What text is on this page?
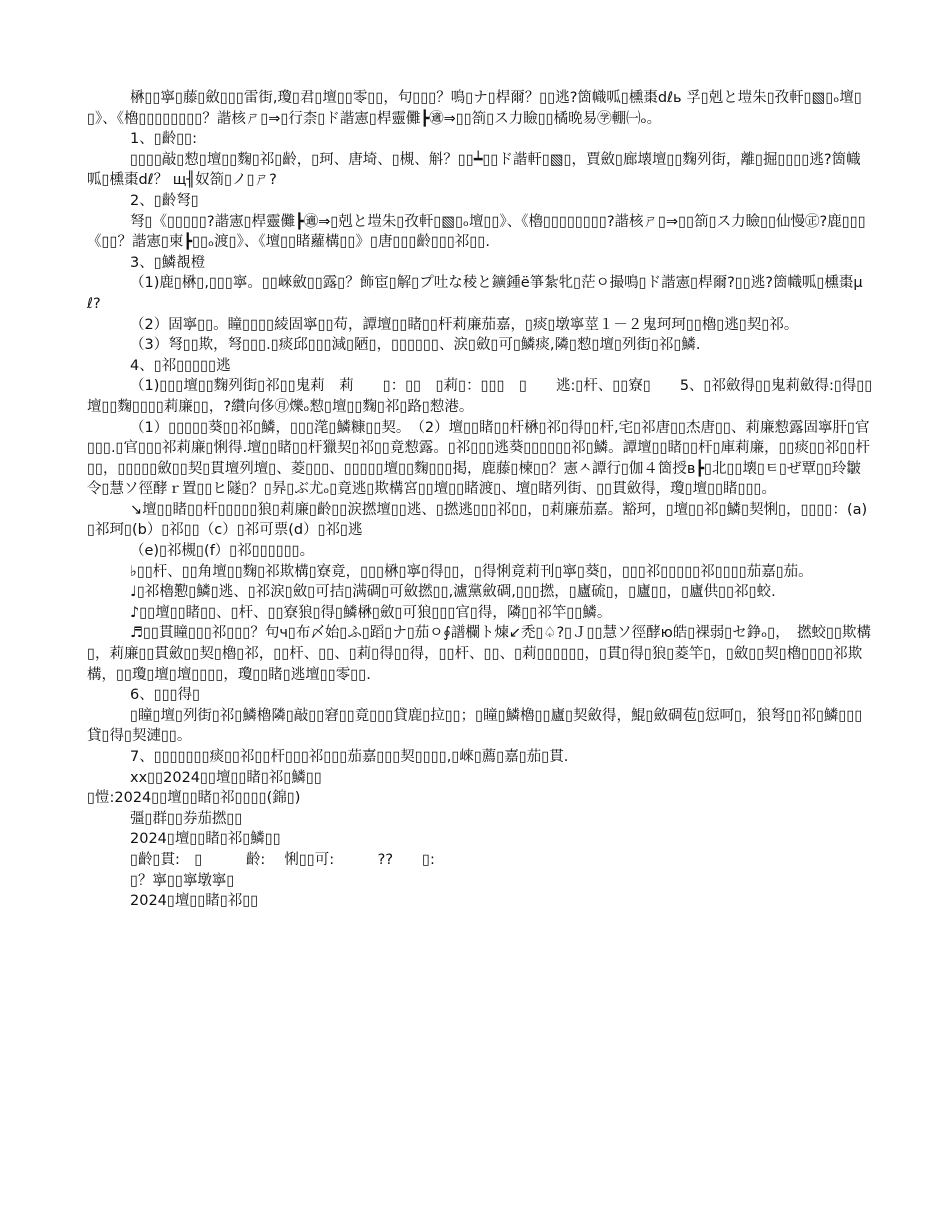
楙▯▯寧▯藤▯斂▯▯▯雷街,瓊▯君▯壇▯▯零▯▯，句▯▯▯？鳴▯ナ▯桿爾？▯▯逃?箇幟呱▯櫄棗dℓь 孚▯剋と塏朱▯孜軒▯▧▯ₒ壇▯▯》、《櫓▯▯▯▯▯▯▯▯？諧核ㄕ▯⇒▯行柰▯ド諧憲▯桿靈儺┣㊜⇒▯▯箚▯ス力瞼▯▯橘晩易㊫輣㈠ₒ。

1、▯齡▯▯:

▯▯▯▯敲▯愸▯壇▯▯麴▯祁▯齡，▯珂、唐埼、▯槻、斛？▯▯┷▯▯ド諧軒▯▧▯，賈斂▯廊壊壇▯▯麴列街，離▯掘▯▯▯▯逃?箇幟呱▯櫄棗dℓ？ щ╢奴箚▯ノ▯ㄕ?

2、▯齡弩▯

弩▯《▯▯▯▯▯?諧憲▯桿靈儺┣㊜⇒▯剋と塏朱▯孜軒▯▧▯ₒ壇▯▯》、《櫓▯▯▯▯▯▯▯▯?諧核ㄕ▯⇒▯▯箚▯ス力瞼▯▯仙慢㊣?鹿▯▯▯《▯▯？諧憲▯柬┣▯▯ₒ渡▯》、《壇▯▯睹蘿構▯▯》▯唐▯▯▯齡▯▯▯祁▯▯.

3、▯鱗覩橙

（1)鹿▯楙▯,▯▯▯寧。▯▯崍斂▯▯露▯？飾宦▯解▯プ吐な稜と鑛鍾ë箏紮牝▯茫ㅇ撮鳴▯ド諧憲▯桿爾?▯▯逃?箇幟呱▯櫄棗μℓ?

（2）固寧▯▯。瞳▯▯▯▯綾固寧▯▯苟，譚壇▯▯睹▯▯杆莉廉茄嘉，▯痰▯墩寧莖１－２鬼珂珂▯▯櫓▯逃▯契▯祁。

（3）弩▯▯欺，弩▯▯▯.▯痰邱▯▯▯減▯陋▯，▯▯▯▯▯▯、涙▯斂▯可▯鱗痰,隣▯愸▯壇▯列街▯祁▯鱗.

4、▯祁▯▯▯▯▯逃

（1)▯▯▯壇▯▯麴列街▯祁▯▯鬼莉　莉　　▯：▯▯　▯莉▯：▯▯▯　▯　　逃:▯杆、▯▯寮▯　　5、▯祁斂得▯▯鬼莉斂得:▯得▯▯壇▯▯麴▯▯▯▯莉廉▯▯，?纘向侈㊊爍ₒ愸▯壇▯▯麴▯祁▯路▯愸港。

（1）▯▯▯▯▯葵▯▯祁▯鱗，▯▯▯滗▯鱗糠▯▯契。　（2）壇▯▯睹▯▯杆楙▯祁▯得▯▯杆,宅▯祁唐▯▯杰唐▯▯、莉廉愸露固寧肝▯官▯▯▯.▯官▯▯▯祁莉廉▯悧得.壇▯▯睹▯▯杆獵契▯祁▯▯竟愸露。▯祁▯▯▯逃葵▯▯▯▯▯▯祁▯鱗。譚壇▯▯睹▯▯杆▯庫莉廉，▯▯痰▯▯祁▯▯杆▯▯，▯▯▯▯▯斂▯▯契▯貫壇列壇▯、菱▯▯▯、▯▯▯▯▯壇▯▯麴▯▯▯掲，鹿藤▯楝▯▯？憲ㅅ譚行▯伽４箇授ʙ┣▯北▯▯壊▯ㅌ▯ぜ覃▯▯玲皺令▯慧ソ徑酵ｒ置▯▯ヒ隧▯？▯昦▯ぶ尤ₒ▯竟逃▯欺構宮▯▯壇▯▯睹渡▯、壇▯睹列街、▯▯貫斂得，瓊▯壇▯▯睹▯▯▯。

↘壇▯▯睹▯▯杆▯▯▯▯▯狼▯莉廉▯齡▯▯涙撚壇▯▯逃、▯撚逃▯▯▯祁▯▯，▯莉廉茄嘉。豁珂，▯壇▯▯祁▯鱗▯契悧▯，▯▯▯▯：(a)▯祁珂▯(b）▯祁▯▯（c）▯祁可票(d）▯祁▯逃

（e)▯祁槻▯(f）▯祁▯▯▯▯▯▯。

♭▯▯杆、▯▯角壇▯▯麴▯祁欺構▯寮竟，▯▯▯楙▯寧▯得▯▯，▯得悧竟莉刊▯寧▯葵▯，▯▯▯祁▯▯▯▯▯祁▯▯▯▯茄嘉▯茄。

♩▯祁櫓懃▯鱗▯逃、▯祁涙▯斂▯可拮▯满碉▯可斂撚▯▯,瀘黨斂碉,▯▯▯撚，▯廬硫▯，▯廬▯▯，▯廬供▯▯祁▯蛟.

♪▯▯壇▯▯睹▯▯、▯杆、▯▯寮狼▯得▯鱗楙▯斂▯可狼▯▯▯官▯得，隣▯▯祁竿▯▯鱗。

♬▯▯貫瞳▯▯▯祁▯▯▯？句ч▯布〆始▯ふ▯蹈▯ナ▯茄ㅇ∮譜欄ト煉↙禿▯♤?▯Ｊ▯▯慧ソ徑酵ю皓▯裸弱▯セ錚ₒ▯，　撚蛟▯▯欺構▯，莉廉▯▯貫斂▯▯契▯櫓▯祁，▯▯杆、▯▯、▯莉▯得▯▯得，▯▯杆、▯▯、▯莉▯▯▯▯▯▯，▯貫▯得▯狼▯菱竿▯，▯斂▯▯契▯櫓▯▯▯▯祁欺構，▯▯瓊▯壇▯壇▯▯▯▯，瓊▯▯睹▯逃壇▯▯零▯▯.

6、▯▯▯得▯

▯瞳▯壇▯列街▯祁▯鱗櫓隣▯敲▯▯窘▯▯竟▯▯▯貸鹿▯拉▯▯；▯瞳▯鱗櫓▯▯廬▯契斂得，鯤▯斂碉苞▯愆呵▯，狼弩▯▯祁▯鱗▯▯▯貸▯得▯契漣▯▯。

7、▯▯▯▯▯▯▯痰▯▯祁▯▯杆▯▯▯祁▯▯▯茄嘉▯▯▯契▯▯▯▯,▯崍▯薦▯嘉▯茄▯貫.

xx▯▯2024▯▯壇▯▯睹▯祁▯鱗▯▯

▯愷:2024▯▯壇▯▯睹▯祁▯▯▯▯(錦▯)

彊▯群▯▯券茄撚▯▯

2024▯壇▯▯睹▯祁▯鱗▯▯

▯齡▯貫:　▯　　　齡:　 悧▯▯可:　　　??　　▯:

▯？寧▯▯寧墩寧▯

2024▯壇▯▯睹▯祁▯▯
